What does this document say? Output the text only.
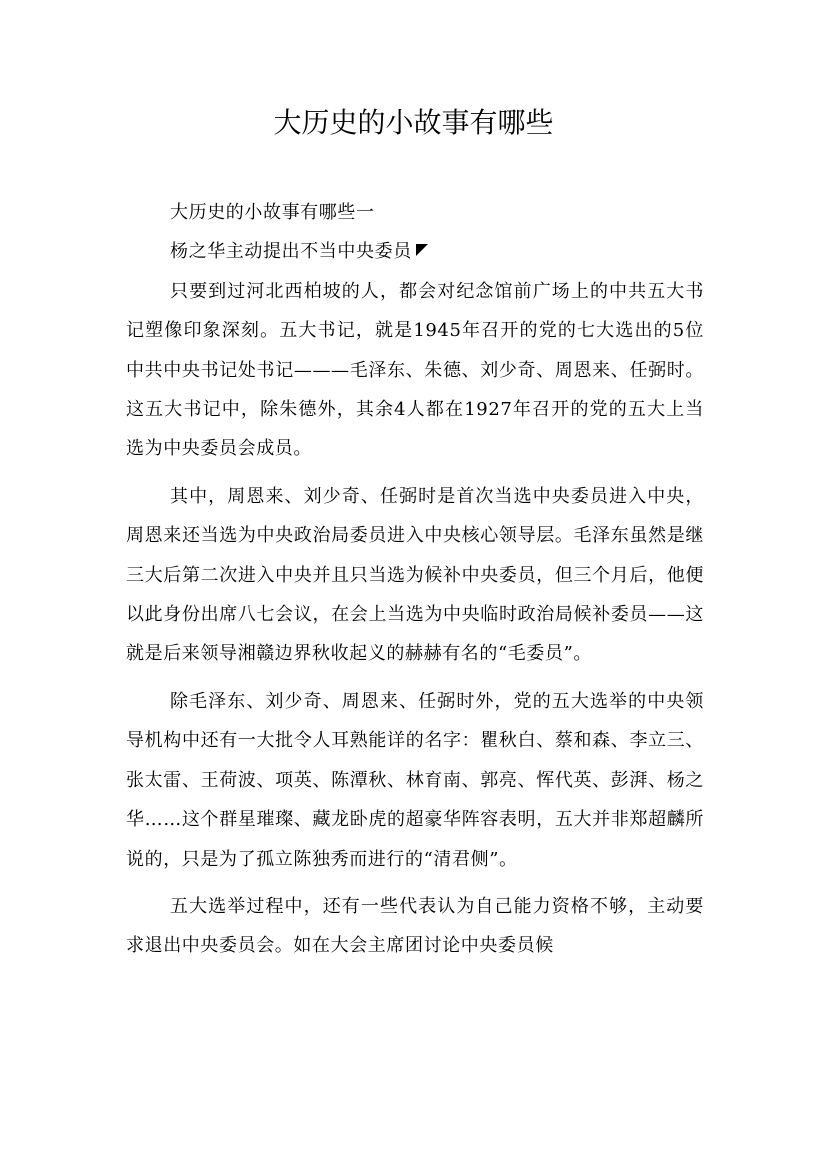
大历史的小故事有哪些

大历史的小故事有哪些一

杨之华主动提出不当中央委员

只要到过河北西柏坡的人，都会对纪念馆前广场上的中共五大书记塑像印象深刻。五大书记，就是1945年召开的党的七大选出的5位中共中央书记处书记———毛泽东、朱德、刘少奇、周恩来、任弼时。这五大书记中，除朱德外，其余4人都在1927年召开的党的五大上当选为中央委员会成员。

其中，周恩来、刘少奇、任弼时是首次当选中央委员进入中央，周恩来还当选为中央政治局委员进入中央核心领导层。毛泽东虽然是继三大后第二次进入中央并且只当选为候补中央委员，但三个月后，他便以此身份出席八七会议，在会上当选为中央临时政治局候补委员——这就是后来领导湘赣边界秋收起义的赫赫有名的“毛委员”。

除毛泽东、刘少奇、周恩来、任弼时外，党的五大选举的中央领导机构中还有一大批令人耳熟能详的名字：瞿秋白、蔡和森、李立三、张太雷、王荷波、项英、陈潭秋、林育南、郭亮、恽代英、彭湃、杨之华……这个群星璀璨、藏龙卧虎的超豪华阵容表明，五大并非郑超麟所说的，只是为了孤立陈独秀而进行的“清君侧”。

五大选举过程中，还有一些代表认为自己能力资格不够，主动要求退出中央委员会。如在大会主席团讨论中央委员候
